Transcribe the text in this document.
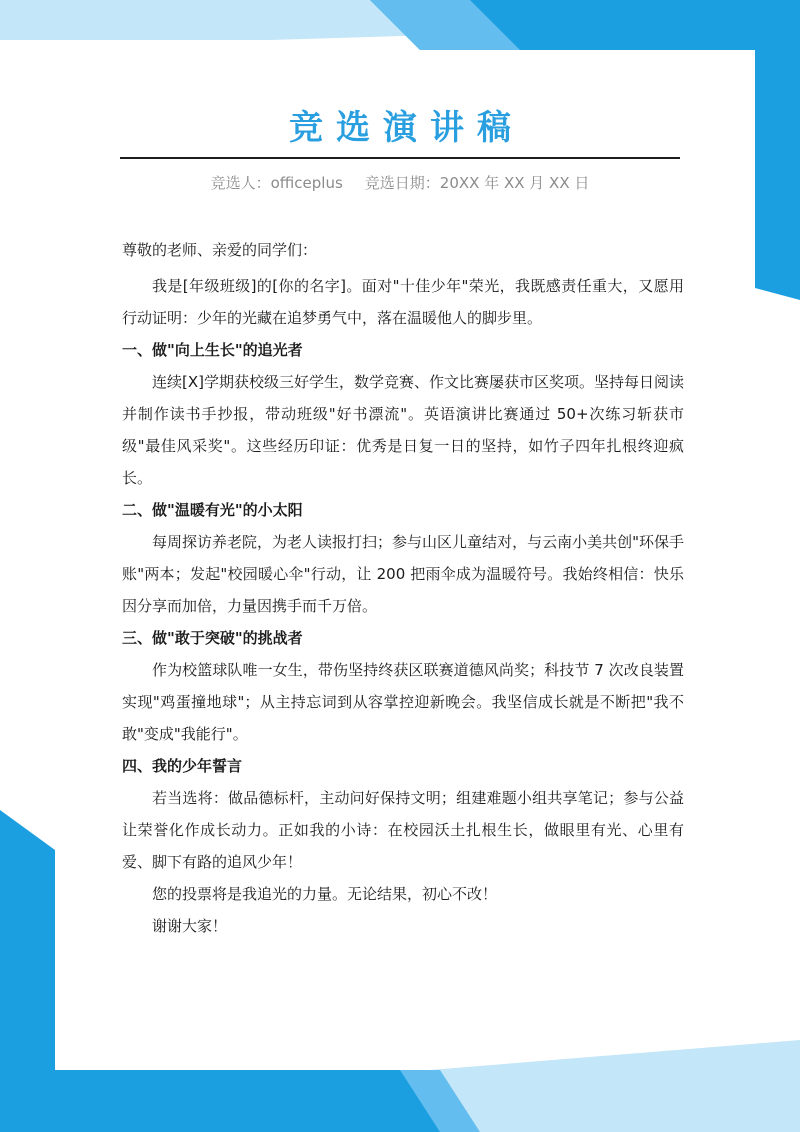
竞选演讲稿
竞选人：officeplus 竞选日期：20XX 年 XX 月 XX 日

尊敬的老师、亲爱的同学们：

我是[年级班级]的[你的名字]。面对"十佳少年"荣光，我既感责任重大，又愿用行动证明：少年的光藏在追梦勇气中，落在温暖他人的脚步里。

一、做"向上生长"的追光者

连续[X]学期获校级三好学生，数学竞赛、作文比赛屡获市区奖项。坚持每日阅读并制作读书手抄报，带动班级"好书漂流"。英语演讲比赛通过 50+次练习斩获市级"最佳风采奖"。这些经历印证：优秀是日复一日的坚持，如竹子四年扎根终迎疯长。

二、做"温暖有光"的小太阳

每周探访养老院，为老人读报打扫；参与山区儿童结对，与云南小美共创"环保手账"两本；发起"校园暖心伞"行动，让 200 把雨伞成为温暖符号。我始终相信：快乐因分享而加倍，力量因携手而千万倍。

三、做"敢于突破"的挑战者

作为校篮球队唯一女生，带伤坚持终获区联赛道德风尚奖；科技节 7 次改良装置实现"鸡蛋撞地球"；从主持忘词到从容掌控迎新晚会。我坚信成长就是不断把"我不敢"变成"我能行"。

四、我的少年誓言

若当选将：做品德标杆，主动问好保持文明；组建难题小组共享笔记；参与公益让荣誉化作成长动力。正如我的小诗：在校园沃土扎根生长，做眼里有光、心里有爱、脚下有路的追风少年！

您的投票将是我追光的力量。无论结果，初心不改！

谢谢大家！
